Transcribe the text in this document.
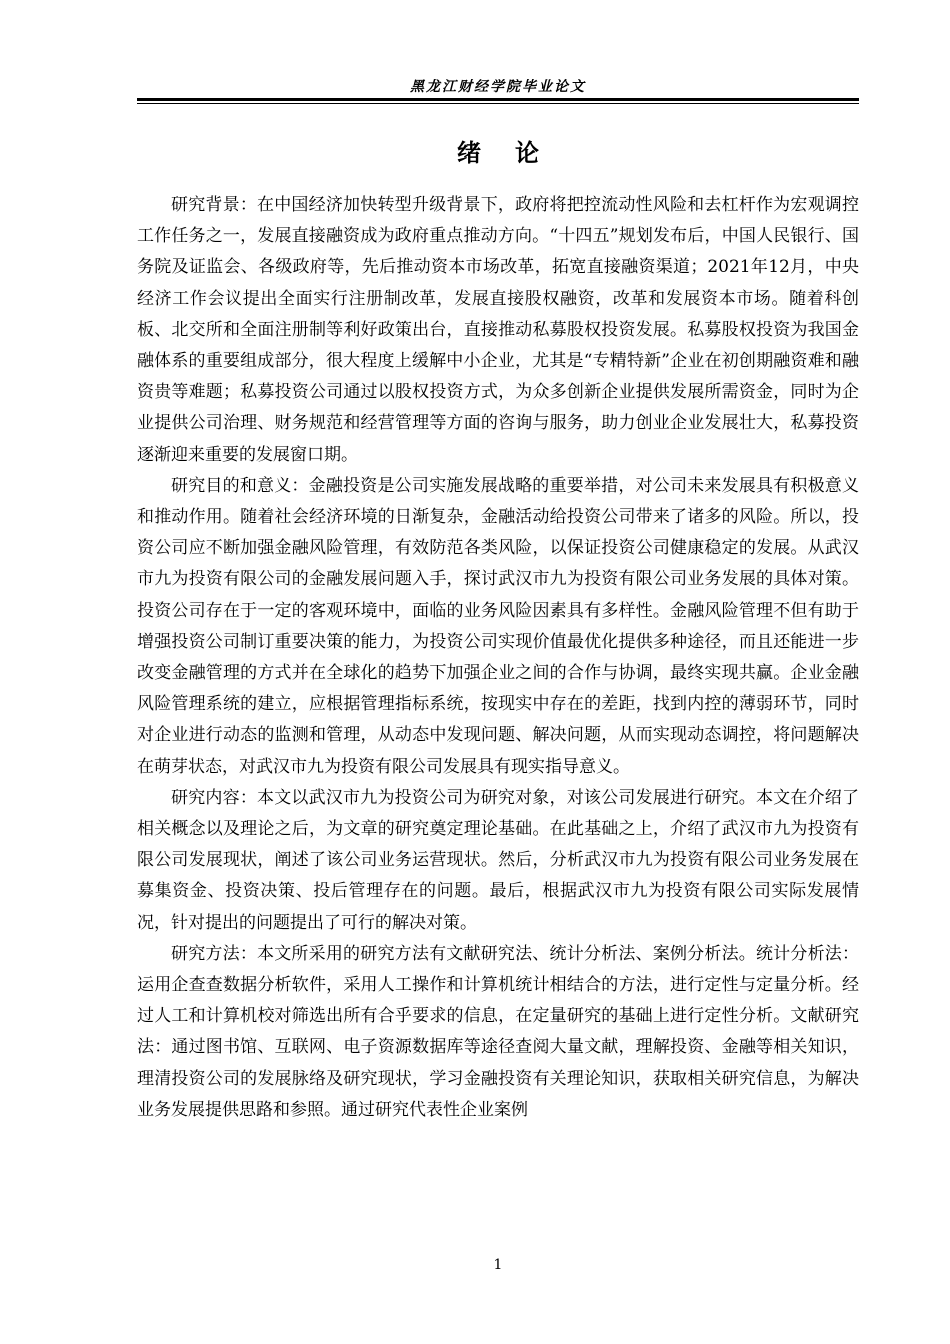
黑龙江财经学院毕业论文
绪论

研究背景：在中国经济加快转型升级背景下，政府将把控流动性风险和去杠杆作为宏观调控工作任务之一，发展直接融资成为政府重点推动方向。“十四五”规划发布后，中国人民银行、国务院及证监会、各级政府等，先后推动资本市场改革，拓宽直接融资渠道；2021年12月，中央经济工作会议提出全面实行注册制改革，发展直接股权融资，改革和发展资本市场。随着科创板、北交所和全面注册制等利好政策出台，直接推动私募股权投资发展。私募股权投资为我国金融体系的重要组成部分，很大程度上缓解中小企业，尤其是“专精特新”企业在初创期融资难和融资贵等难题；私募投资公司通过以股权投资方式，为众多创新企业提供发展所需资金，同时为企业提供公司治理、财务规范和经营管理等方面的咨询与服务，助力创业企业发展壮大，私募投资逐渐迎来重要的发展窗口期。

研究目的和意义：金融投资是公司实施发展战略的重要举措，对公司未来发展具有积极意义和推动作用。随着社会经济环境的日渐复杂，金融活动给投资公司带来了诸多的风险。所以，投资公司应不断加强金融风险管理，有效防范各类风险，以保证投资公司健康稳定的发展。从武汉市九为投资有限公司的金融发展问题入手，探讨武汉市九为投资有限公司业务发展的具体对策。投资公司存在于一定的客观环境中，面临的业务风险因素具有多样性。金融风险管理不但有助于增强投资公司制订重要决策的能力，为投资公司实现价值最优化提供多种途径，而且还能进一步改变金融管理的方式并在全球化的趋势下加强企业之间的合作与协调，最终实现共赢。企业金融风险管理系统的建立，应根据管理指标系统，按现实中存在的差距，找到内控的薄弱环节，同时对企业进行动态的监测和管理，从动态中发现问题、解决问题，从而实现动态调控，将问题解决在萌芽状态，对武汉市九为投资有限公司发展具有现实指导意义。

研究内容：本文以武汉市九为投资公司为研究对象，对该公司发展进行研究。本文在介绍了相关概念以及理论之后，为文章的研究奠定理论基础。在此基础之上，介绍了武汉市九为投资有限公司发展现状，阐述了该公司业务运营现状。然后，分析武汉市九为投资有限公司业务发展在募集资金、投资决策、投后管理存在的问题。最后，根据武汉市九为投资有限公司实际发展情况，针对提出的问题提出了可行的解决对策。

研究方法：本文所采用的研究方法有文献研究法、统计分析法、案例分析法。统计分析法：运用企查查数据分析软件，采用人工操作和计算机统计相结合的方法，进行定性与定量分析。经过人工和计算机校对筛选出所有合乎要求的信息，在定量研究的基础上进行定性分析。文献研究法：通过图书馆、互联网、电子资源数据库等途径查阅大量文献，理解投资、金融等相关知识，理清投资公司的发展脉络及研究现状，学习金融投资有关理论知识，获取相关研究信息，为解决业务发展提供思路和参照。通过研究代表性企业案例

1
